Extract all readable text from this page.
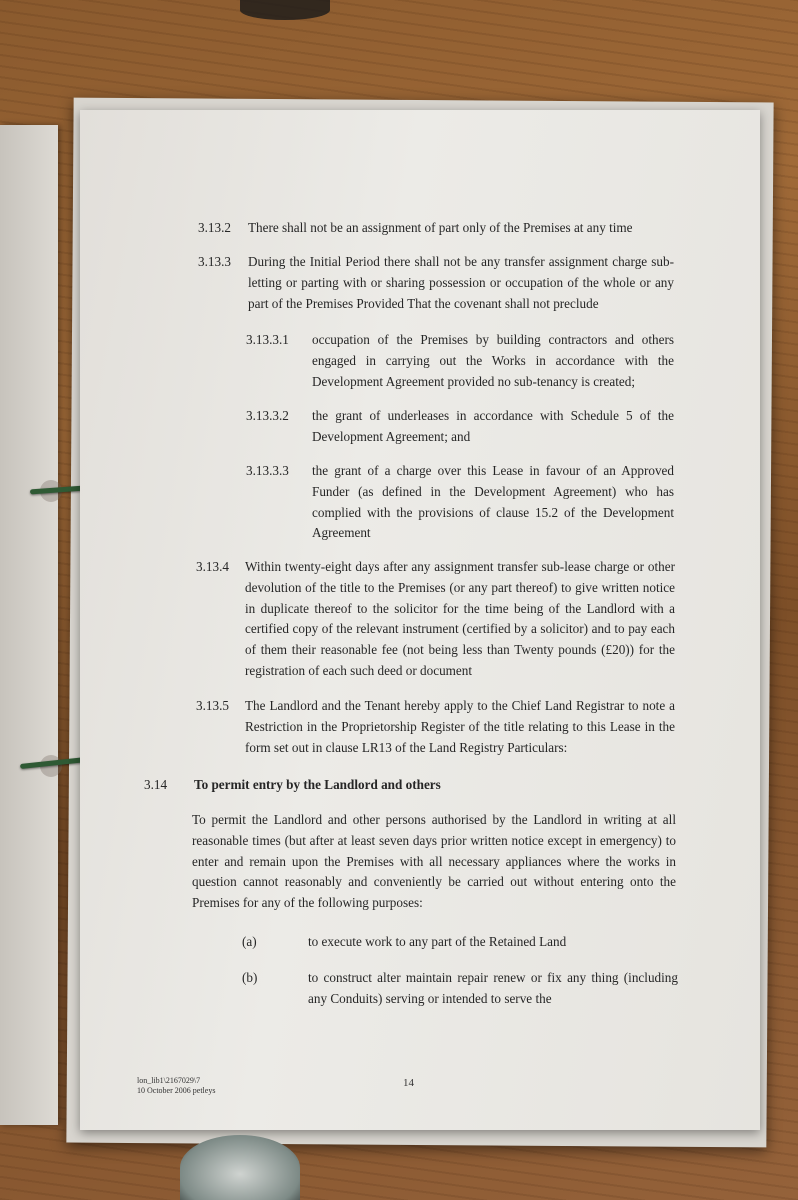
3.13.2 There shall not be an assignment of part only of the Premises at any time
3.13.3 During the Initial Period there shall not be any transfer assignment charge sub-letting or parting with or sharing possession or occupation of the whole or any part of the Premises Provided That the covenant shall not preclude
3.13.3.1 occupation of the Premises by building contractors and others engaged in carrying out the Works in accordance with the Development Agreement provided no sub-tenancy is created;
3.13.3.2 the grant of underleases in accordance with Schedule 5 of the Development Agreement; and
3.13.3.3 the grant of a charge over this Lease in favour of an Approved Funder (as defined in the Development Agreement) who has complied with the provisions of clause 15.2 of the Development Agreement
3.13.4 Within twenty-eight days after any assignment transfer sub-lease charge or other devolution of the title to the Premises (or any part thereof) to give written notice in duplicate thereof to the solicitor for the time being of the Landlord with a certified copy of the relevant instrument (certified by a solicitor) and to pay each of them their reasonable fee (not being less than Twenty pounds (£20)) for the registration of each such deed or document
3.13.5 The Landlord and the Tenant hereby apply to the Chief Land Registrar to note a Restriction in the Proprietorship Register of the title relating to this Lease in the form set out in clause LR13 of the Land Registry Particulars:
3.14 To permit entry by the Landlord and others
To permit the Landlord and other persons authorised by the Landlord in writing at all reasonable times (but after at least seven days prior written notice except in emergency) to enter and remain upon the Premises with all necessary appliances where the works in question cannot reasonably and conveniently be carried out without entering onto the Premises for any of the following purposes:
(a)	to execute work to any part of the Retained Land
(b)	to construct alter maintain repair renew or fix any thing (including any Conduits) serving or intended to serve the
lon_lib1\2167029\7
10 October 2006 petleys
14
